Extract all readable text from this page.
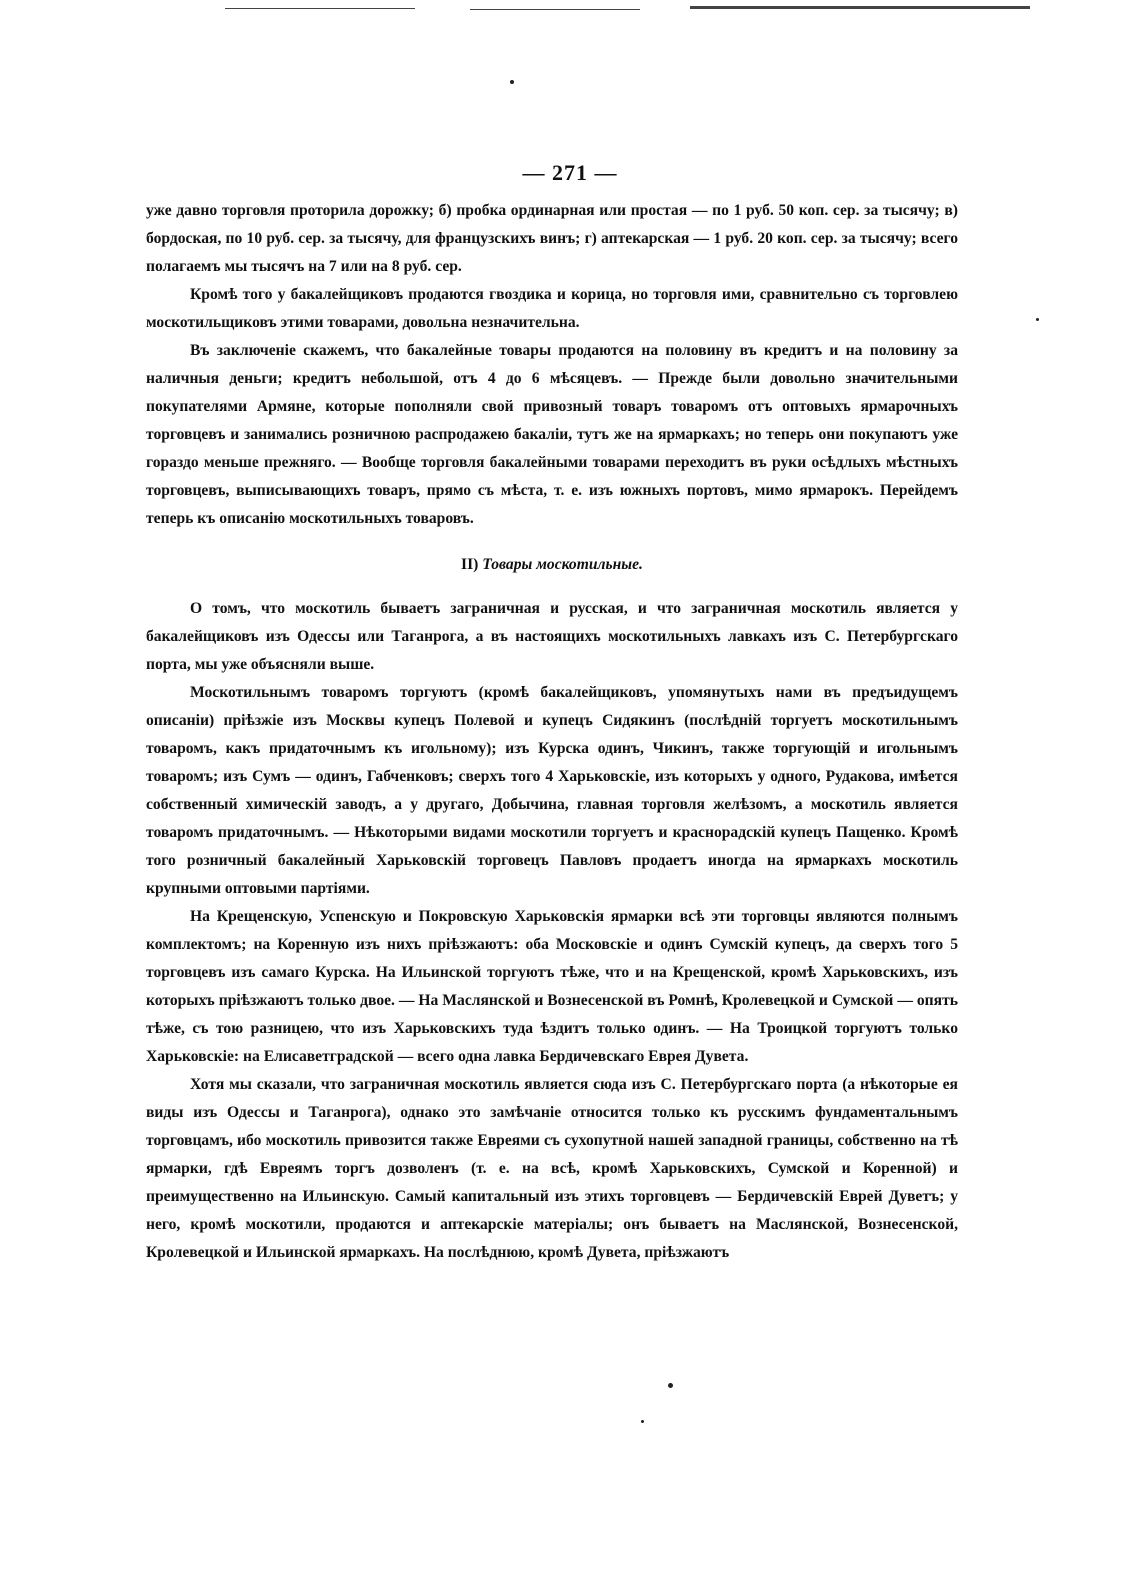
— 271 —

уже давно торговля проторила дорожку; б) пробка ординарная или простая — по 1 руб. 50 коп. сер. за тысячу; в) бордоская, по 10 руб. сер. за тысячу, для французскихъ винъ; г) аптекарская — 1 руб. 20 коп. сер. за тысячу; всего полагаемъ мы тысячъ на 7 или на 8 руб. сер.

Кромѣ того у бакалейщиковъ продаются гвоздика и корица, но торговля ими, сравнительно съ торговлею москотильщиковъ этими товарами, довольна незначительна.

Въ заключенiе скажемъ, что бакалейные товары продаются на половину въ кредитъ и на половину за наличныя деньги; кредитъ небольшой, отъ 4 до 6 мѣсяцевъ. — Прежде были довольно значительными покупателями Армяне, которые пополняли свой привозный товаръ товаромъ отъ оптовыхъ ярмарочныхъ торговцевъ и занимались розничною распродажею бакалiи, тутъ же на ярмаркахъ; но теперь они покупаютъ уже гораздо меньше прежняго. — Вообще торговля бакалейными товарами переходитъ въ руки осѣдлыхъ мѣстныхъ торговцевъ, выписывающихъ товаръ, прямо съ мѣста, т. е. изъ южныхъ портовъ, мимо ярмарокъ. Перейдемъ теперь къ описанiю москотильныхъ товаровъ.

II) Товары москотильные.

О томъ, что москотиль бываетъ заграничная и русская, и что заграничная москотиль является у бакалейщиковъ изъ Одессы или Таганрога, а въ настоящихъ москотильныхъ лавкахъ изъ С. Петербургскаго порта, мы уже объясняли выше.

Москотильнымъ товаромъ торгуютъ (кромѣ бакалейщиковъ, упомянутыхъ нами въ предъидущемъ описанiи) прiѣзжiе изъ Москвы купецъ Полевой и купецъ Сидякинъ (послѣднiй торгуетъ москотильнымъ товаромъ, какъ придаточнымъ къ игольному); изъ Курска одинъ, Чикинъ, также торгующiй и игольнымъ товаромъ; изъ Сумъ — одинъ, Габченковъ; сверхъ того 4 Харьковскiе, изъ которыхъ у одного, Рудакова, имѣется собственный химическiй заводъ, а у другаго, Добычина, главная торговля желѣзомъ, а москотиль является товаромъ придаточнымъ. — Нѣкоторыми видами москотили торгуетъ и краснорадскiй купецъ Пащенко. Кромѣ того розничный бакалейный Харьковскiй торговецъ Павловъ продаетъ иногда на ярмаркахъ москотиль крупными оптовыми партiями.

На Крещенскую, Успенскую и Покровскую Харьковскiя ярмарки всѣ эти торговцы являются полнымъ комплектомъ; на Коренную изъ нихъ прiѣзжаютъ: оба Московскiе и одинъ Сумскiй купецъ, да сверхъ того 5 торговцевъ изъ самаго Курска. На Ильинской торгуютъ тѣже, что и на Крещенской, кромѣ Харьковскихъ, изъ которыхъ прiѣзжаютъ только двое. — На Маслянской и Вознесенской въ Ромнѣ, Кролевецкой и Сумской — опять тѣже, съ тою разницею, что изъ Харьковскихъ туда ѣздитъ только одинъ. — На Троицкой торгуютъ только Харьковскiе: на Елисаветградской — всего одна лавка Бердичевскаго Еврея Дувета.

Хотя мы сказали, что заграничная москотиль является сюда изъ С. Петербургскаго порта (а нѣкоторые ея виды изъ Одессы и Таганрога), однако это замѣчанiе относится только къ русскимъ фундаментальнымъ торговцамъ, ибо москотиль привозится также Евреями съ сухопутной нашей западной границы, собственно на тѣ ярмарки, гдѣ Евреямъ торгъ дозволенъ (т. е. на всѣ, кромѣ Харьковскихъ, Сумской и Коренной) и преимущественно на Ильинскую. Самый капитальный изъ этихъ торговцевъ — Бердичевскiй Еврей Дуветъ; у него, кромѣ москотили, продаются и аптекарскiе матерiалы; онъ бываетъ на Маслянской, Вознесенской, Кролевецкой и Ильинской ярмаркахъ. На послѣднюю, кромѣ Дувета, прiѣзжаютъ
